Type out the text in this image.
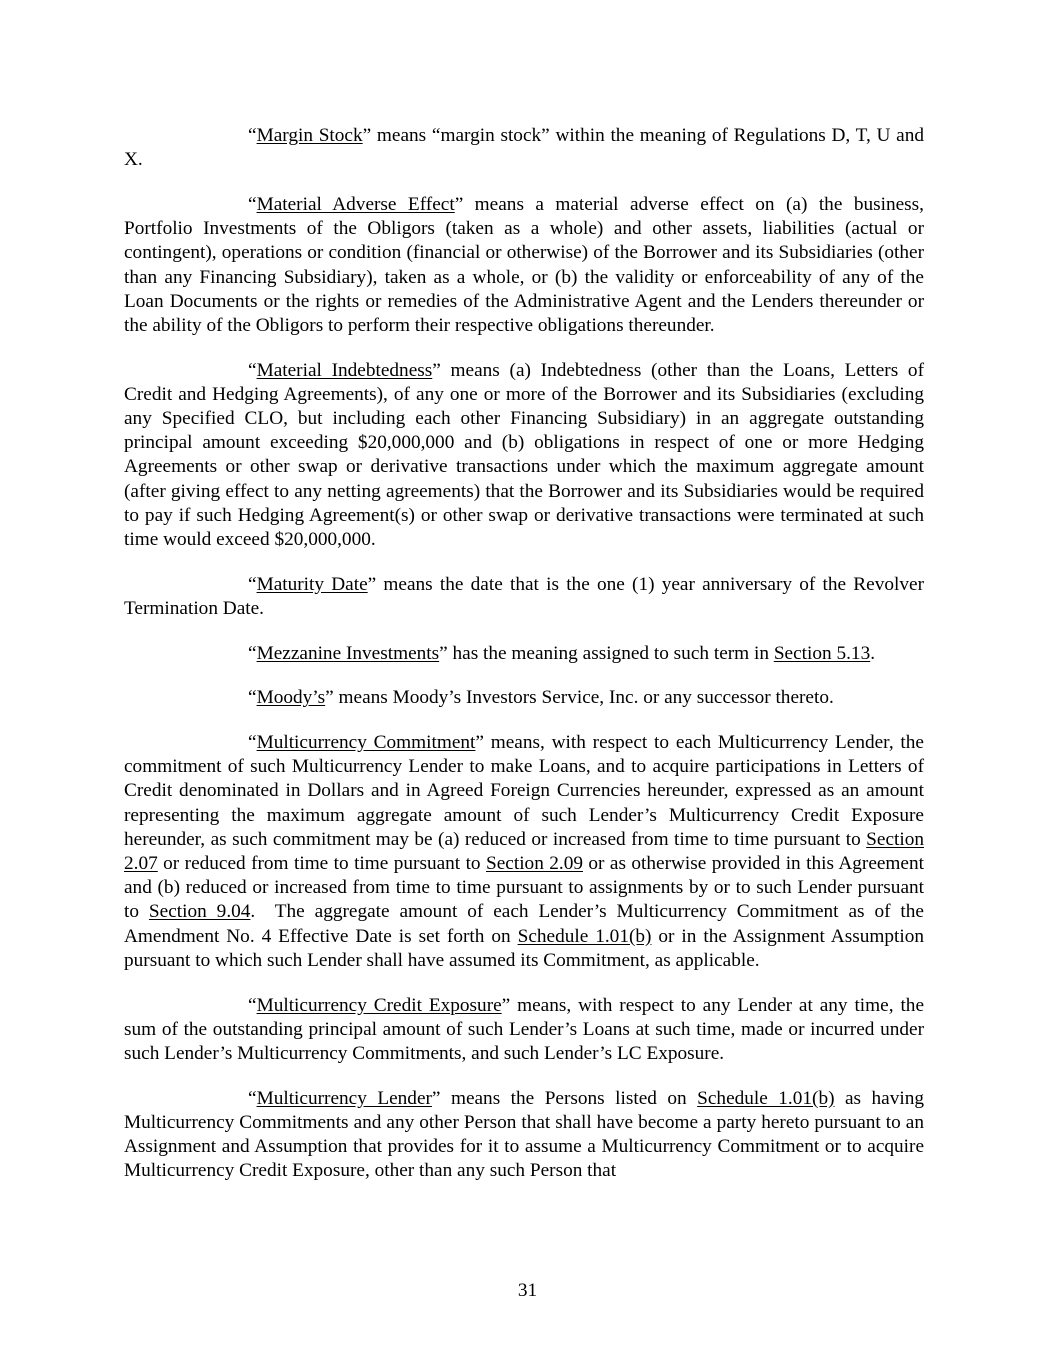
“Margin Stock” means “margin stock” within the meaning of Regulations D, T, U and X.

“Material Adverse Effect” means a material adverse effect on (a) the business, Portfolio Investments of the Obligors (taken as a whole) and other assets, liabilities (actual or contingent), operations or condition (financial or otherwise) of the Borrower and its Subsidiaries (other than any Financing Subsidiary), taken as a whole, or (b) the validity or enforceability of any of the Loan Documents or the rights or remedies of the Administrative Agent and the Lenders thereunder or the ability of the Obligors to perform their respective obligations thereunder.

“Material Indebtedness” means (a) Indebtedness (other than the Loans, Letters of Credit and Hedging Agreements), of any one or more of the Borrower and its Subsidiaries (excluding any Specified CLO, but including each other Financing Subsidiary) in an aggregate outstanding principal amount exceeding $20,000,000 and (b) obligations in respect of one or more Hedging Agreements or other swap or derivative transactions under which the maximum aggregate amount (after giving effect to any netting agreements) that the Borrower and its Subsidiaries would be required to pay if such Hedging Agreement(s) or other swap or derivative transactions were terminated at such time would exceed $20,000,000.

“Maturity Date” means the date that is the one (1) year anniversary of the Revolver Termination Date.

“Mezzanine Investments” has the meaning assigned to such term in Section 5.13.

“Moody’s” means Moody’s Investors Service, Inc. or any successor thereto.

“Multicurrency Commitment” means, with respect to each Multicurrency Lender, the commitment of such Multicurrency Lender to make Loans, and to acquire participations in Letters of Credit denominated in Dollars and in Agreed Foreign Currencies hereunder, expressed as an amount representing the maximum aggregate amount of such Lender’s Multicurrency Credit Exposure hereunder, as such commitment may be (a) reduced or increased from time to time pursuant to Section 2.07 or reduced from time to time pursuant to Section 2.09 or as otherwise provided in this Agreement and (b) reduced or increased from time to time pursuant to assignments by or to such Lender pursuant to Section 9.04.  The aggregate amount of each Lender’s Multicurrency Commitment as of the Amendment No. 4 Effective Date is set forth on Schedule 1.01(b) or in the Assignment Assumption pursuant to which such Lender shall have assumed its Commitment, as applicable.

“Multicurrency Credit Exposure” means, with respect to any Lender at any time, the sum of the outstanding principal amount of such Lender’s Loans at such time, made or incurred under such Lender’s Multicurrency Commitments, and such Lender’s LC Exposure.

“Multicurrency Lender” means the Persons listed on Schedule 1.01(b) as having Multicurrency Commitments and any other Person that shall have become a party hereto pursuant to an Assignment and Assumption that provides for it to assume a Multicurrency Commitment or to acquire Multicurrency Credit Exposure, other than any such Person that

31
